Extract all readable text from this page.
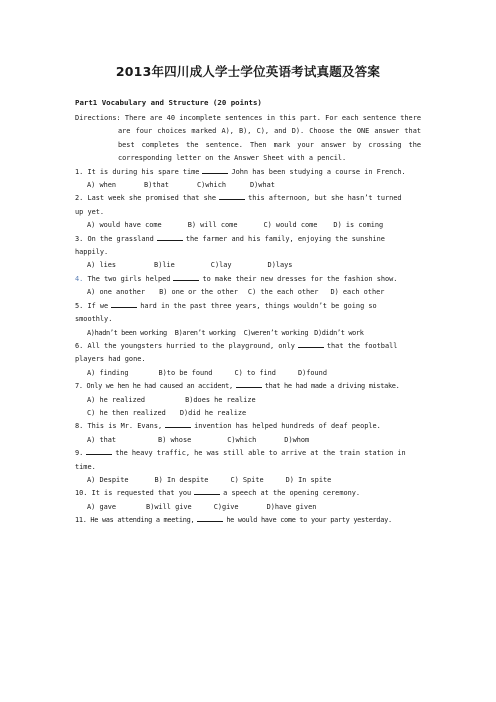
2013年四川成人学士学位英语考试真题及答案
Part1 Vocabulary and Structure (20 points)
Directions: There are 40 incomplete sentences in this part. For each sentence there
are four choices marked A), B), C), and D). Choose the ONE answer that
best completes the sentence. Then mark your answer by crossing the
corresponding letter on the Answer Sheet with a pencil.
1. It is during his spare time	John has been studying a course in French.
A) when	B)that	C)which	D)what
2. Last week she promised that she	this afternoon, but she hasn’t turned
up yet.
A) would have come	B) will come	C) would come D) is coming
3. On the grassland	the farmer and his family, enjoying the sunshine
happily.
A) lies	B)lie	C)lay	D)lays
4. The two girls helped	to make their new dresses for the fashion show.
A) one another B) one or the other C) the each other D) each other
5. If we	hard in the past three years, things wouldn’t be going so
smoothly.
A)hadn’t been working B)aren’t working C)weren’t working D)didn’t work
6. All the youngsters hurried to the playground, only	that the football
players had gone.
A) finding	B)to be found	C) to find	D)found
7. Only we hen he had caused an accident,	that he had made a driving mistake.
A) he realized	B)does he realize
C) he then realized D)did he realize
8. This is Mr. Evans,	invention has helped hundreds of deaf people.
A) that	B) whose	C)which	D)whom
9.	the heavy traffic, he was still able to arrive at the train station in
time.
A) Despite	B) In despite	C) Spite	D) In spite
10. It is requested that you	a speech at the opening ceremony.
A) gave	B)will give	C)give	D)have given
11. He was attending a meeting,	he would have come to your party yesterday.
